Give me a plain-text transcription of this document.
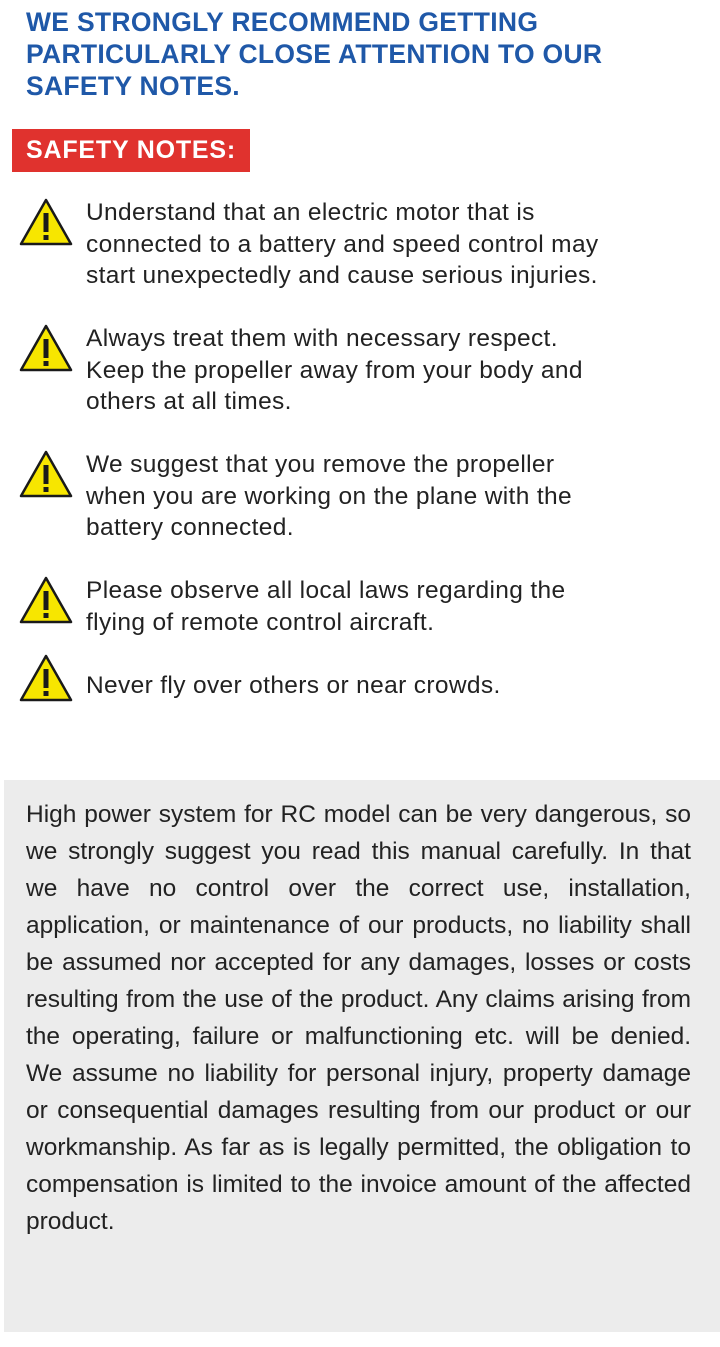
WE STRONGLY RECOMMEND GETTING
PARTICULARLY CLOSE ATTENTION TO OUR
SAFETY NOTES.
SAFETY NOTES:
Understand that an electric motor that is
connected to a battery and speed control may
start unexpectedly and cause serious injuries.
Always treat them with necessary respect.
Keep the propeller away from your body and
others at all times.
We suggest that you remove the propeller
when you are working on the plane with the
battery connected.
Please observe all local laws regarding the
flying of remote control aircraft.
Never fly over others or near crowds.
High power system for RC model can be very dangerous, so we strongly suggest you read this manual carefully. In that we have no control over the correct use, installation, application, or maintenance of our products, no liability shall be assumed nor accepted for any damages, losses or costs resulting from the use of the product. Any claims arising from the operating, failure or malfunctioning etc. will be denied. We assume no liability for personal injury, property damage or consequential damages resulting from our product or our workmanship. As far as is legally permitted, the obligation to compensation is limited to the invoice amount of the affected product.
